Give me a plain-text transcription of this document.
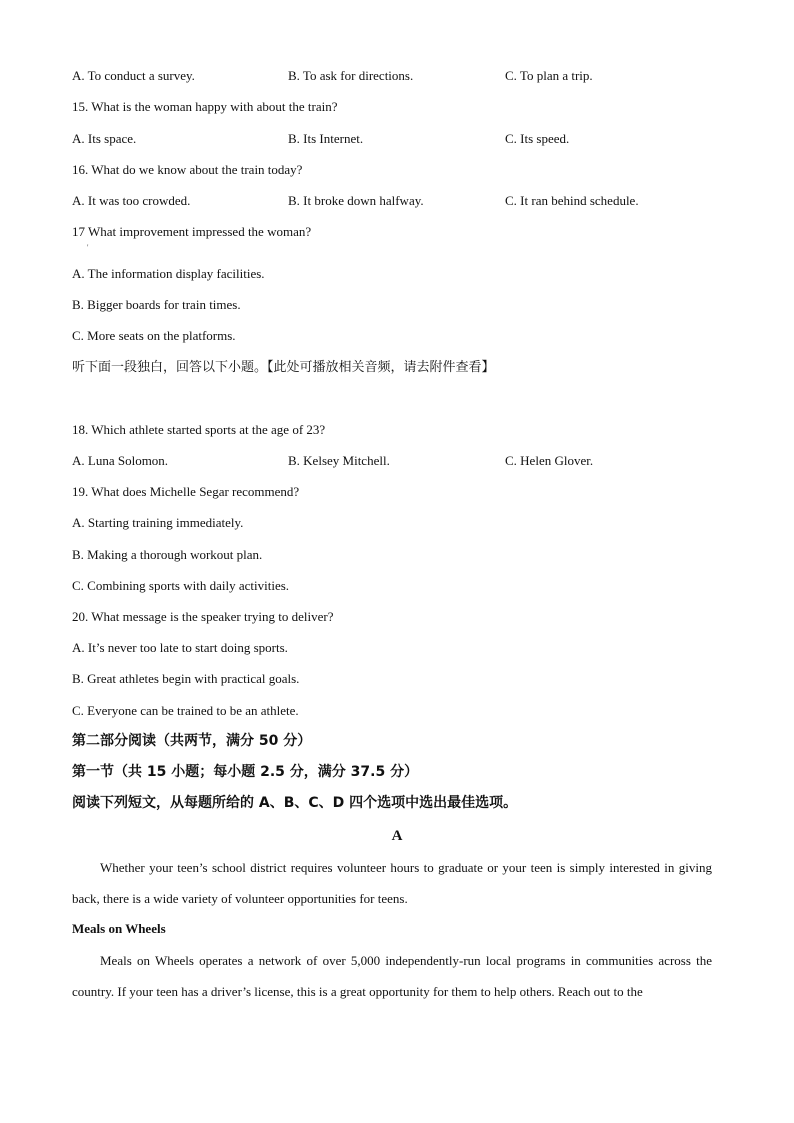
A. To conduct a survey.	B. To ask for directions.	C. To plan a trip.
15. What is the woman happy with about the train?
A. Its space.	B. Its Internet.	C. Its speed.
16. What do we know about the train today?
A. It was too crowded.	B. It broke down halfway.	C. It ran behind schedule.
17 What improvement impressed the woman?
'
A. The information display facilities.
B. Bigger boards for train times.
C. More seats on the platforms.
听下面一段独白，回答以下小题。【此处可播放相关音频，请去附件查看】
18. Which athlete started sports at the age of 23?
A. Luna Solomon.	B. Kelsey Mitchell.	C. Helen Glover.
19. What does Michelle Segar recommend?
A. Starting training immediately.
B. Making a thorough workout plan.
C. Combining sports with daily activities.
20. What message is the speaker trying to deliver?
A. It’s never too late to start doing sports.
B. Great athletes begin with practical goals.
C. Everyone can be trained to be an athlete.
第二部分阅读（共两节，满分 50 分）
第一节（共 15 小题；每小题 2.5 分，满分 37.5 分）
阅读下列短文，从每题所给的 A、B、C、D 四个选项中选出最佳选项。
A
Whether your teen’s school district requires volunteer hours to graduate or your teen is simply interested in giving back, there is a wide variety of volunteer opportunities for teens.
Meals on Wheels
Meals on Wheels operates a network of over 5,000 independently-run local programs in communities across the country. If your teen has a driver’s license, this is a great opportunity for them to help others. Reach out to the
